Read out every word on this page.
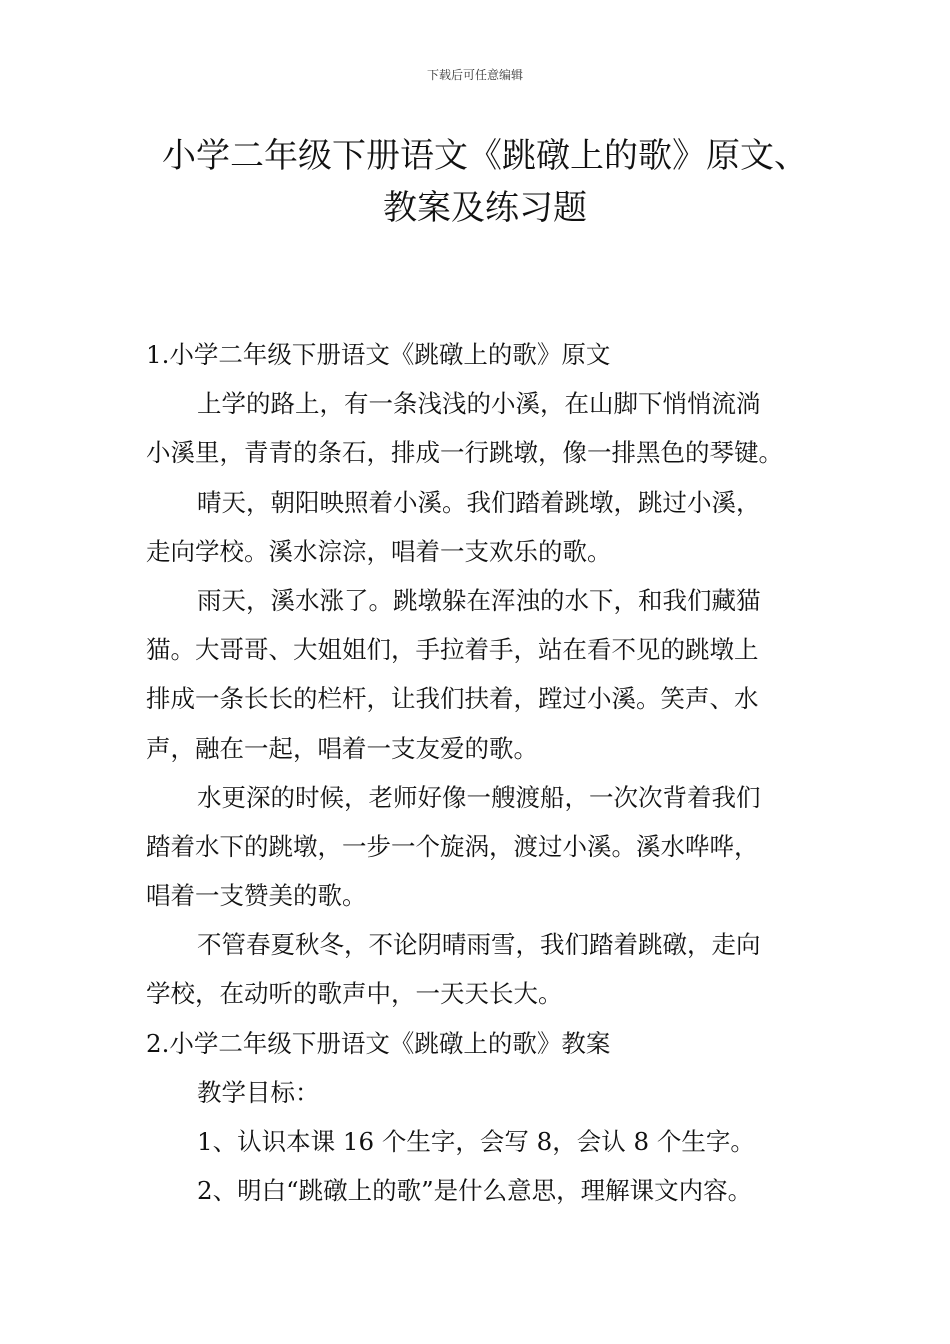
下载后可任意编辑
小学二年级下册语文《跳礅上的歌》原文、
教案及练习题
1.小学二年级下册语文《跳礅上的歌》原文
上学的路上，有一条浅浅的小溪，在山脚下悄悄流淌
小溪里，青青的条石，排成一行跳墩，像一排黑色的琴键。
晴天，朝阳映照着小溪。我们踏着跳墩，跳过小溪，
走向学校。溪水淙淙，唱着一支欢乐的歌。
雨天，溪水涨了。跳墩躲在浑浊的水下，和我们藏猫
猫。大哥哥、大姐姐们，手拉着手，站在看不见的跳墩上
排成一条长长的栏杆，让我们扶着，蹚过小溪。笑声、水
声，融在一起，唱着一支友爱的歌。
水更深的时候，老师好像一艘渡船，一次次背着我们
踏着水下的跳墩，一步一个旋涡，渡过小溪。溪水哗哗，
唱着一支赞美的歌。
不管春夏秋冬，不论阴晴雨雪，我们踏着跳礅，走向
学校，在动听的歌声中，一天天长大。
2.小学二年级下册语文《跳礅上的歌》教案
教学目标：
1、认识本课 16 个生字，会写 8，会认 8 个生字。
2、明白“跳礅上的歌”是什么意思，理解课文内容。
